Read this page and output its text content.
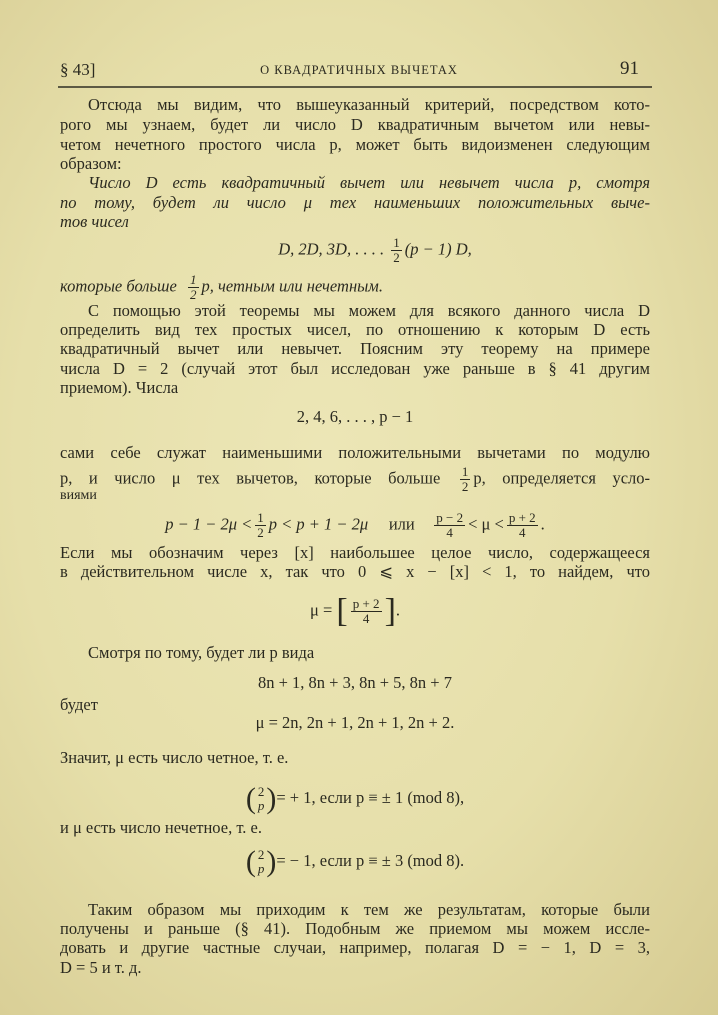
§ 43]	О КВАДРАТИЧНЫХ ВЫЧЕТАХ	91
Отсюда мы видим, что вышеуказанный критерий, посредством кото-
рого мы узнаем, будет ли число D квадратичным вычетом или невы-
четом нечетного простого числа p, может быть видоизменен следующим
образом:
Число D есть квадратичный вычет или невычет числа p, смотря
по тому, будет ли число μ тех наименьших положительных выче-
тов чисел
D, 2D, 3D, . . . . $\frac{1}{2} (p - 1)$ D,
которые больше $\frac{1}{2} p$, четным или нечетным.
С помощью этой теоремы мы можем для всякого данного числа D
определить вид тех простых чисел, по отношению к которым D есть
квадратичный вычет или невычет. Поясним эту теорему на примере
числа D = 2 (случай этот был исследован уже раньше в § 41 другим
приемом). Числа
2, 4, 6, . . . , p − 1
сами себе служат наименьшими положительными вычетами по модулю
p, и число μ тех вычетов, которые больше $\frac{1}{2} p$, определяется усло-
виями
$p - 1 - 2\mu < \frac{1}{2}$ p < p + 1 − 2μ или $\frac{p - 2}{4} < \mu < \frac{p + 2}{4}$ .
Если мы обозначим через [x] наибольшее целое число, содержащееся
в действительном числе x, так что 0 ⩽ x − [x] < 1, то найдем, что
μ = [ $\frac{p + 2}{4}$ ].
Смотря по тому, будет ли p вида
8n + 1, 8n + 3, 8n + 5, 8n + 7
будет
μ = 2n, 2n + 1, 2n + 1, 2n + 2.
Значит, μ есть число четное, т. е.
( 2
p )= + 1, если p ≡ ± 1 (mod 8),
и μ есть число нечетное, т. е.
( 2
p )= − 1, если p ≡ ± 3 (mod 8).
Таким образом мы приходим к тем же результатам, которые были
получены и раньше (§ 41). Подобным же приемом мы можем иссле-
довать и другие частные случаи, например, полагая D = − 1, D = 3,
D = 5 и т. д.
